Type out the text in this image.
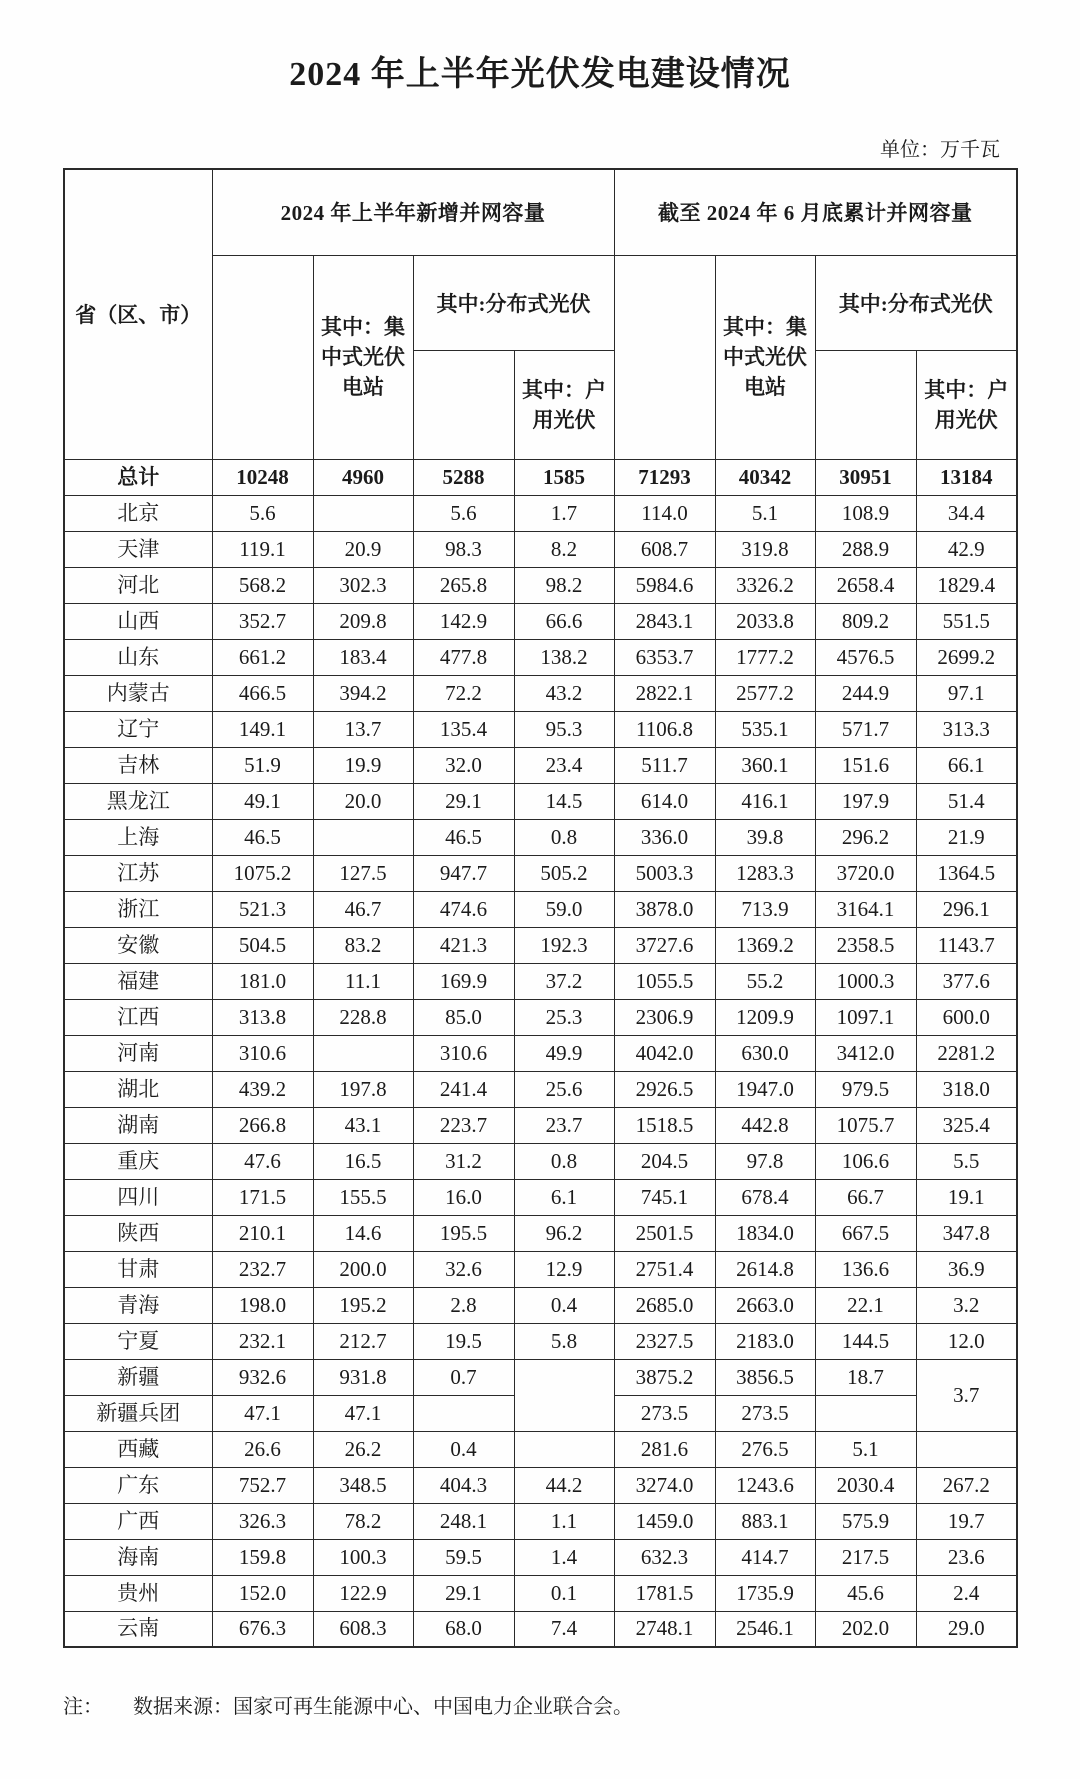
2024 年上半年光伏发电建设情况
单位：万千瓦
省（区、市）	2024 年上半年新增并网容量				截至 2024 年 6 月底累计并网容量			
		其中：集中式光伏电站	其中:分布式光伏			其中：集中式光伏电站	其中:分布式光伏	
				其中：户用光伏				其中：户用光伏
总计	10248	4960	5288	1585	71293	40342	30951	13184
北京	5.6		5.6	1.7	114.0	5.1	108.9	34.4
天津	119.1	20.9	98.3	8.2	608.7	319.8	288.9	42.9
河北	568.2	302.3	265.8	98.2	5984.6	3326.2	2658.4	1829.4
山西	352.7	209.8	142.9	66.6	2843.1	2033.8	809.2	551.5
山东	661.2	183.4	477.8	138.2	6353.7	1777.2	4576.5	2699.2
内蒙古	466.5	394.2	72.2	43.2	2822.1	2577.2	244.9	97.1
辽宁	149.1	13.7	135.4	95.3	1106.8	535.1	571.7	313.3
吉林	51.9	19.9	32.0	23.4	511.7	360.1	151.6	66.1
黑龙江	49.1	20.0	29.1	14.5	614.0	416.1	197.9	51.4
上海	46.5		46.5	0.8	336.0	39.8	296.2	21.9
江苏	1075.2	127.5	947.7	505.2	5003.3	1283.3	3720.0	1364.5
浙江	521.3	46.7	474.6	59.0	3878.0	713.9	3164.1	296.1
安徽	504.5	83.2	421.3	192.3	3727.6	1369.2	2358.5	1143.7
福建	181.0	11.1	169.9	37.2	1055.5	55.2	1000.3	377.6
江西	313.8	228.8	85.0	25.3	2306.9	1209.9	1097.1	600.0
河南	310.6		310.6	49.9	4042.0	630.0	3412.0	2281.2
湖北	439.2	197.8	241.4	25.6	2926.5	1947.0	979.5	318.0
湖南	266.8	43.1	223.7	23.7	1518.5	442.8	1075.7	325.4
重庆	47.6	16.5	31.2	0.8	204.5	97.8	106.6	5.5
四川	171.5	155.5	16.0	6.1	745.1	678.4	66.7	19.1
陕西	210.1	14.6	195.5	96.2	2501.5	1834.0	667.5	347.8
甘肃	232.7	200.0	32.6	12.9	2751.4	2614.8	136.6	36.9
青海	198.0	195.2	2.8	0.4	2685.0	2663.0	22.1	3.2
宁夏	232.1	212.7	19.5	5.8	2327.5	2183.0	144.5	12.0
新疆	932.6	931.8	0.7		3875.2	3856.5	18.7	3.7
新疆兵团	47.1	47.1			273.5	273.5		
西藏	26.6	26.2	0.4		281.6	276.5	5.1	
广东	752.7	348.5	404.3	44.2	3274.0	1243.6	2030.4	267.2
广西	326.3	78.2	248.1	1.1	1459.0	883.1	575.9	19.7
海南	159.8	100.3	59.5	1.4	632.3	414.7	217.5	23.6
贵州	152.0	122.9	29.1	0.1	1781.5	1735.9	45.6	2.4
云南	676.3	608.3	68.0	7.4	2748.1	2546.1	202.0	29.0
注： 数据来源：国家可再生能源中心、中国电力企业联合会。
